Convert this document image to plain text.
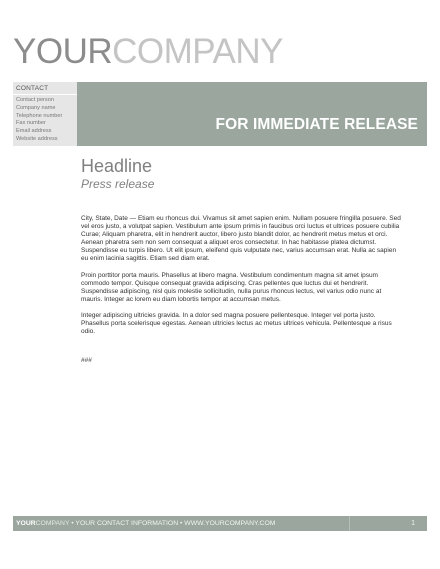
YOURCOMPANY
CONTACT
Contact person
Company name
Telephone number
Fax number
Email address
Website address
FOR IMMEDIATE RELEASE
Headline
Press release

City, State, Date — Etiam eu rhoncus dui. Vivamus sit amet sapien enim. Nullam posuere fringilla posuere. Sed vel eros justo, a volutpat sapien. Vestibulum ante ipsum primis in faucibus orci luctus et ultrices posuere cubilia Curae; Aliquam pharetra, elit in hendrerit auctor, libero justo blandit dolor, ac hendrerit metus metus et orci. Aenean pharetra sem non sem consequat a aliquet eros consectetur. In hac habitasse platea dictumst. Suspendisse eu turpis libero. Ut elit ipsum, eleifend quis vulputate nec, varius accumsan erat. Nulla ac sapien eu enim lacinia sagittis. Etiam sed diam erat.

Proin porttitor porta mauris. Phasellus at libero magna. Vestibulum condimentum magna sit amet ipsum commodo tempor. Quisque consequat gravida adipiscing. Cras pellentes que luctus dui et hendrerit. Suspendisse adipiscing, nisl quis molestie sollicitudin, nulla purus rhoncus lectus, vel varius odio nunc at mauris. Integer ac lorem eu diam lobortis tempor at accumsan metus.

Integer adipiscing ultricies gravida. In a dolor sed magna posuere pellentesque. Integer vel porta justo. Phasellus porta scelerisque egestas. Aenean ultricies lectus ac metus ultrices vehicula. Pellentesque a risus odio.

###
YOURCOMPANY • YOUR CONTACT INFORMATION • WWW.YOURCOMPANY.COM	1
